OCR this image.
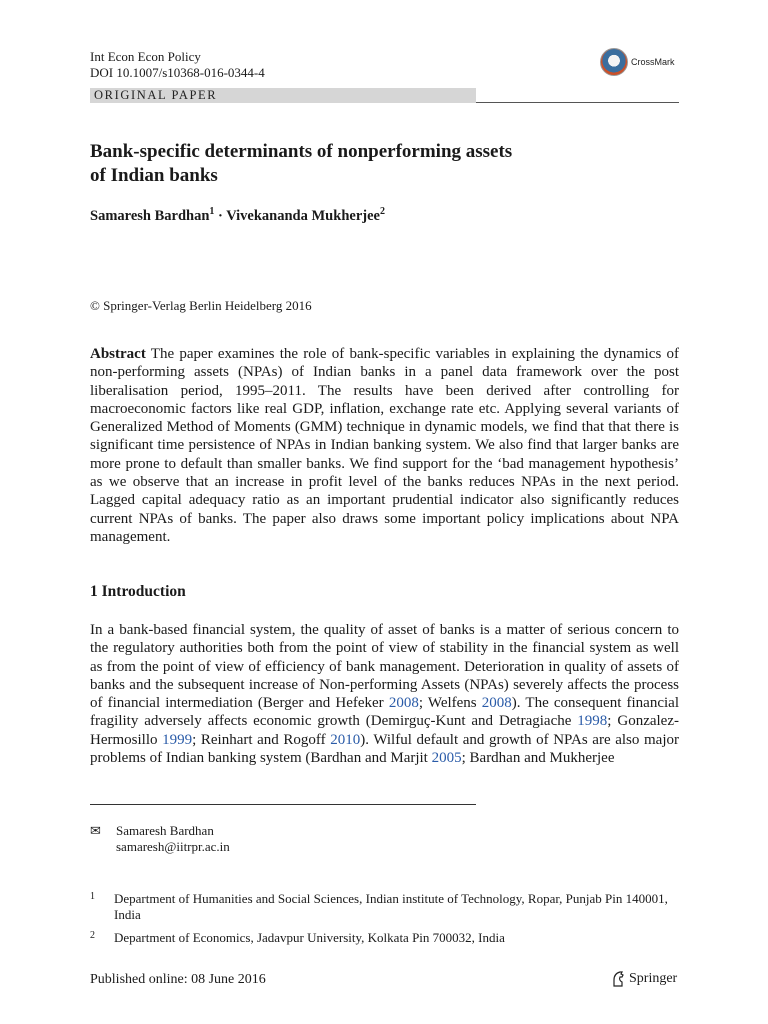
Int Econ Econ Policy
DOI 10.1007/s10368-016-0344-4
CrossMark
ORIGINAL PAPER
Bank-specific determinants of nonperforming assets
of Indian banks
Samaresh Bardhan$^1$ · Vivekananda Mukherjee$^2$
© Springer-Verlag Berlin Heidelberg 2016
Abstract The paper examines the role of bank-specific variables in explaining the dynamics of non-performing assets (NPAs) of Indian banks in a panel data framework over the post liberalisation period, 1995–2011. The results have been derived after controlling for macroeconomic factors like real GDP, inflation, exchange rate etc. Applying several variants of Generalized Method of Moments (GMM) technique in dynamic models, we find that that there is significant time persistence of NPAs in Indian banking system. We also find that larger banks are more prone to default than smaller banks. We find support for the ‘bad management hypothesis’ as we observe that an increase in profit level of the banks reduces NPAs in the next period. Lagged capital adequacy ratio as an important prudential indicator also significantly reduces current NPAs of banks. The paper also draws some important policy implications about NPA management.
1 Introduction
In a bank-based financial system, the quality of asset of banks is a matter of serious concern to the regulatory authorities both from the point of view of stability in the financial system as well as from the point of view of efficiency of bank management. Deterioration in quality of assets of banks and the subsequent increase of Non-performing Assets (NPAs) severely affects the process of financial intermediation (Berger and Hefeker 2008; Welfens 2008). The consequent financial fragility adversely affects economic growth (Demirguç-Kunt and Detragiache 1998; Gonzalez-Hermosillo 1999; Reinhart and Rogoff 2010). Wilful default and growth of NPAs are also major problems of Indian banking system (Bardhan and Marjit 2005; Bardhan and Mukherjee
✉ Samaresh Bardhan
samaresh@iitrpr.ac.in
1	Department of Humanities and Social Sciences, Indian institute of Technology, Ropar, Punjab Pin 140001, India
2	Department of Economics, Jadavpur University, Kolkata Pin 700032, India
Published online: 08 June 2016	Springer
